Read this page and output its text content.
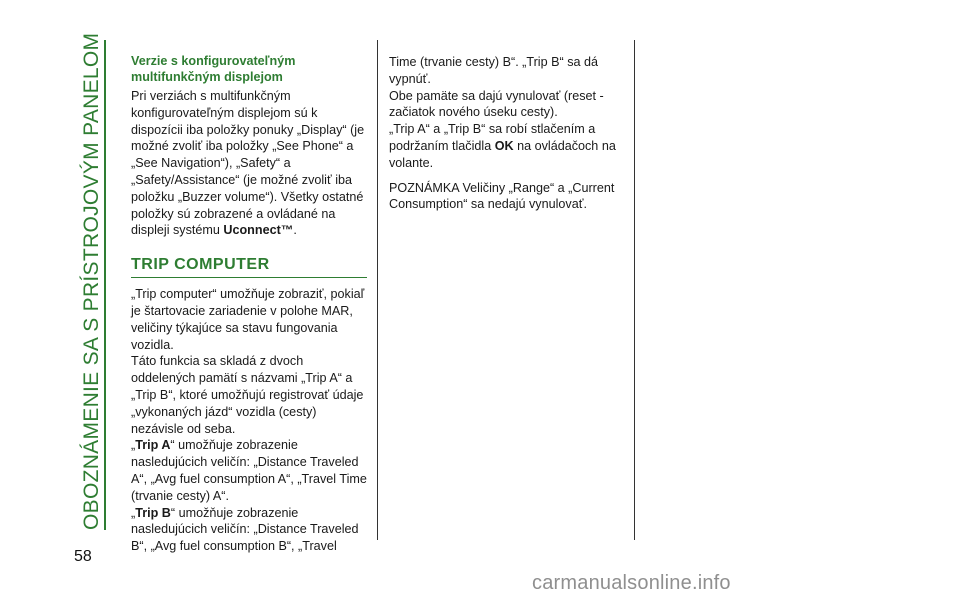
OBOZNÁMENIE SA S PRÍSTROJOVÝM PANELOM
58

Verzie s konfigurovateľným multifunkčným displejom

Pri verziách s multifunkčným konfigurovateľným displejom sú k dispozícii iba položky ponuky „Display“ (je možné zvoliť iba položky „See Phone“ a „See Navigation“), „Safety“ a „Safety/Assistance“ (je možné zvoliť iba položku „Buzzer volume“). Všetky ostatné položky sú zobrazené a ovládané na displeji systému Uconnect™.

TRIP COMPUTER

„Trip computer“ umožňuje zobraziť, pokiaľ je štartovacie zariadenie v polohe MAR, veličiny týkajúce sa stavu fungovania vozidla.

Táto funkcia sa skladá z dvoch oddelených pamätí s názvami „Trip A“ a „Trip B“, ktoré umožňujú registrovať údaje „vykonaných jázd“ vozidla (cesty) nezávisle od seba.

„Trip A“ umožňuje zobrazenie nasledujúcich veličín: „Distance Traveled A“, „Avg fuel consumption A“, „Travel Time (trvanie cesty) A“.

„Trip B“ umožňuje zobrazenie nasledujúcich veličín: „Distance Traveled B“, „Avg fuel consumption B“, „Travel

Time (trvanie cesty) B“. „Trip B“ sa dá vypnúť.

Obe pamäte sa dajú vynulovať (reset - začiatok nového úseku cesty).

„Trip A“ a „Trip B“ sa robí stlačením a podržaním tlačidla OK na ovládačoch na volante.

POZNÁMKA Veličiny „Range“ a „Current Consumption“ sa nedajú vynulovať.

carmanualsonline.info
